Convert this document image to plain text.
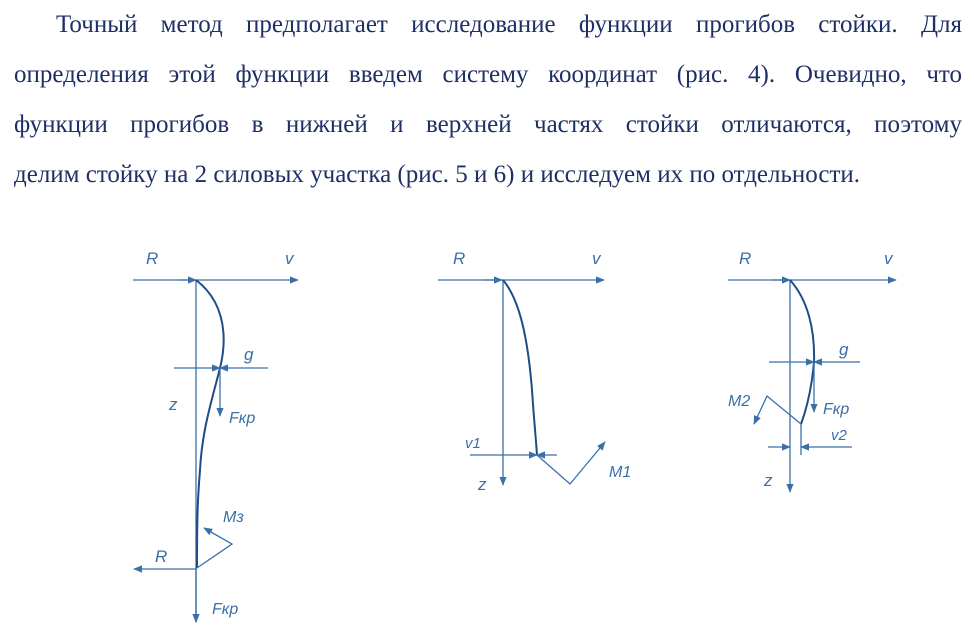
Точный метод предполагает исследование функции прогибов стойки. Для
определения этой функции введем систему координат (рис. 4). Очевидно, что
функции прогибов в нижней и верхней частях стойки отличаются, поэтому
делим стойку на 2 силовых участка (рис. 5 и 6) и исследуем их по отдельности.
R	v
g
z
Fкр
Mз
R
Fкр
R	v
v1
z
M1
R	v
g
M2	Fкр
v2
z
